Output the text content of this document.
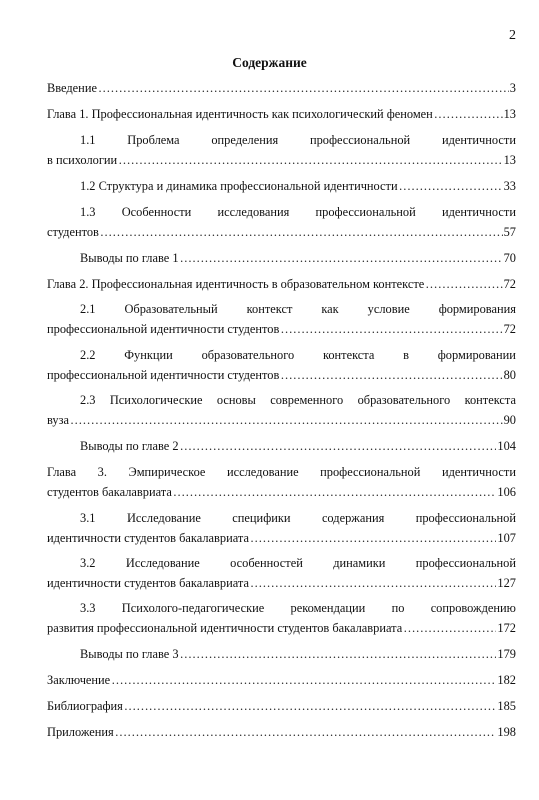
2
Содержание
Введение …………………………………………………………………………………………………………………………………………………………………………………………………………	3
Глава 1. Профессиональная идентичность как психологический феномен …………………………………………………………………………………………………………………………………………………………………………………………………………	13
1.1	Проблема	определения	профессиональной	идентичности
в психологии …………………………………………………………………………………………………………………………………………………………………………………………………………	13
1.2 Структура и динамика профессиональной идентичности …………………………………………………………………………………………………………………………………………………………………………………………………………	33
1.3 Особенности исследования профессиональной идентичности
студентов …………………………………………………………………………………………………………………………………………………………………………………………………………	57
Выводы по главе 1 …………………………………………………………………………………………………………………………………………………………………………………………………………	70
Глава 2. Профессиональная идентичность в образовательном контексте …………………………………………………………………………………………………………………………………………………………………………………………………………	72
2.1 Образовательный контекст как условие формирования
профессиональной идентичности студентов …………………………………………………………………………………………………………………………………………………………………………………………………………	72
2.2 Функции образовательного контекста в формировании
профессиональной идентичности студентов …………………………………………………………………………………………………………………………………………………………………………………………………………	80
2.3 Психологические основы современного образовательного контекста
вуза …………………………………………………………………………………………………………………………………………………………………………………………………………	90
Выводы по главе 2 …………………………………………………………………………………………………………………………………………………………………………………………………………	104
Глава 3. Эмпирическое исследование профессиональной идентичности
студентов бакалавриата …………………………………………………………………………………………………………………………………………………………………………………………………………	106
3.1	Исследование	специфики	содержания	профессиональной
идентичности студентов бакалавриата …………………………………………………………………………………………………………………………………………………………………………………………………………	107
3.2 Исследование особенностей динамики профессиональной
идентичности студентов бакалавриата …………………………………………………………………………………………………………………………………………………………………………………………………………	127
3.3 Психолого-педагогические рекомендации по сопровождению
развития профессиональной идентичности студентов бакалавриата …………………………………………………………………………………………………………………………………………………………………………………………………………	172
Выводы по главе 3 …………………………………………………………………………………………………………………………………………………………………………………………………………	179
Заключение …………………………………………………………………………………………………………………………………………………………………………………………………………	182
Библиография …………………………………………………………………………………………………………………………………………………………………………………………………………	185
Приложения …………………………………………………………………………………………………………………………………………………………………………………………………………	198
